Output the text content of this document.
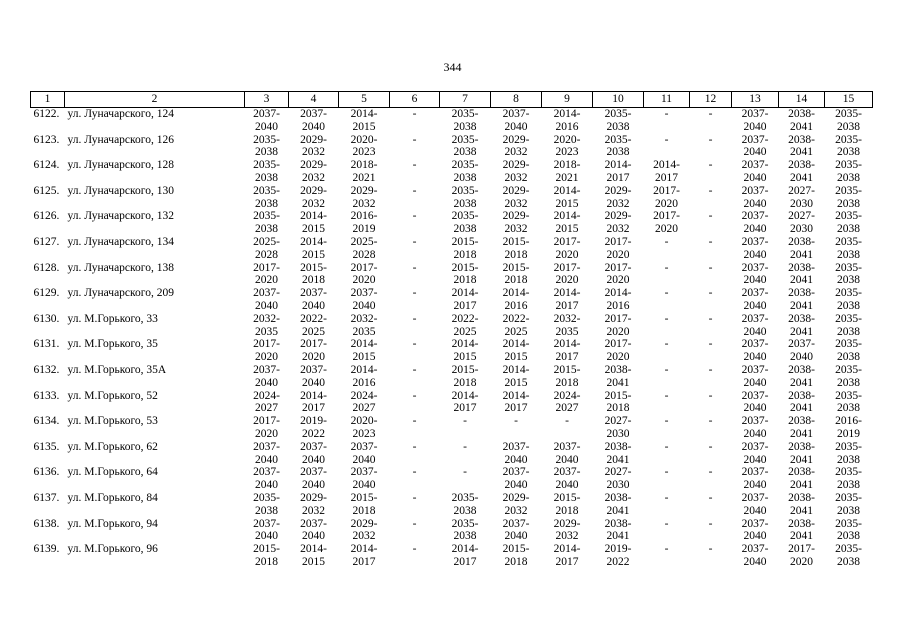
344
1	2	3	4	5	6	7	8	9	10	11	12	13	14	15
6122.	ул. Луначарского, 124	2037-
2040	2037-
2040	2014-
2015	-	2035-
2038	2037-
2040	2014-
2016	2035-
2038	-	-	2037-
2040	2038-
2041	2035-
2038
6123.	ул. Луначарского, 126	2035-
2038	2029-
2032	2020-
2023	-	2035-
2038	2029-
2032	2020-
2023	2035-
2038	-	-	2037-
2040	2038-
2041	2035-
2038
6124.	ул. Луначарского, 128	2035-
2038	2029-
2032	2018-
2021	-	2035-
2038	2029-
2032	2018-
2021	2014-
2017	2014-
2017	-	2037-
2040	2038-
2041	2035-
2038
6125.	ул. Луначарского, 130	2035-
2038	2029-
2032	2029-
2032	-	2035-
2038	2029-
2032	2014-
2015	2029-
2032	2017-
2020	-	2037-
2040	2027-
2030	2035-
2038
6126.	ул. Луначарского, 132	2035-
2038	2014-
2015	2016-
2019	-	2035-
2038	2029-
2032	2014-
2015	2029-
2032	2017-
2020	-	2037-
2040	2027-
2030	2035-
2038
6127.	ул. Луначарского, 134	2025-
2028	2014-
2015	2025-
2028	-	2015-
2018	2015-
2018	2017-
2020	2017-
2020	-	-	2037-
2040	2038-
2041	2035-
2038
6128.	ул. Луначарского, 138	2017-
2020	2015-
2018	2017-
2020	-	2015-
2018	2015-
2018	2017-
2020	2017-
2020	-	-	2037-
2040	2038-
2041	2035-
2038
6129.	ул. Луначарского, 209	2037-
2040	2037-
2040	2037-
2040	-	2014-
2017	2014-
2016	2014-
2017	2014-
2016	-	-	2037-
2040	2038-
2041	2035-
2038
6130.	ул. М.Горького, 33	2032-
2035	2022-
2025	2032-
2035	-	2022-
2025	2022-
2025	2032-
2035	2017-
2020	-	-	2037-
2040	2038-
2041	2035-
2038
6131.	ул. М.Горького, 35	2017-
2020	2017-
2020	2014-
2015	-	2014-
2015	2014-
2015	2014-
2017	2017-
2020	-	-	2037-
2040	2037-
2040	2035-
2038
6132.	ул. М.Горького, 35А	2037-
2040	2037-
2040	2014-
2016	-	2015-
2018	2014-
2015	2015-
2018	2038-
2041	-	-	2037-
2040	2038-
2041	2035-
2038
6133.	ул. М.Горького, 52	2024-
2027	2014-
2017	2024-
2027	-	2014-
2017	2014-
2017	2024-
2027	2015-
2018	-	-	2037-
2040	2038-
2041	2035-
2038
6134.	ул. М.Горького, 53	2017-
2020	2019-
2022	2020-
2023	-	-	-	-	2027-
2030	-	-	2037-
2040	2038-
2041	2016-
2019
6135.	ул. М.Горького, 62	2037-
2040	2037-
2040	2037-
2040	-	-	2037-
2040	2037-
2040	2038-
2041	-	-	2037-
2040	2038-
2041	2035-
2038
6136.	ул. М.Горького, 64	2037-
2040	2037-
2040	2037-
2040	-	-	2037-
2040	2037-
2040	2027-
2030	-	-	2037-
2040	2038-
2041	2035-
2038
6137.	ул. М.Горького, 84	2035-
2038	2029-
2032	2015-
2018	-	2035-
2038	2029-
2032	2015-
2018	2038-
2041	-	-	2037-
2040	2038-
2041	2035-
2038
6138.	ул. М.Горького, 94	2037-
2040	2037-
2040	2029-
2032	-	2035-
2038	2037-
2040	2029-
2032	2038-
2041	-	-	2037-
2040	2038-
2041	2035-
2038
6139.	ул. М.Горького, 96	2015-
2018	2014-
2015	2014-
2017	-	2014-
2017	2015-
2018	2014-
2017	2019-
2022	-	-	2037-
2040	2017-
2020	2035-
2038
